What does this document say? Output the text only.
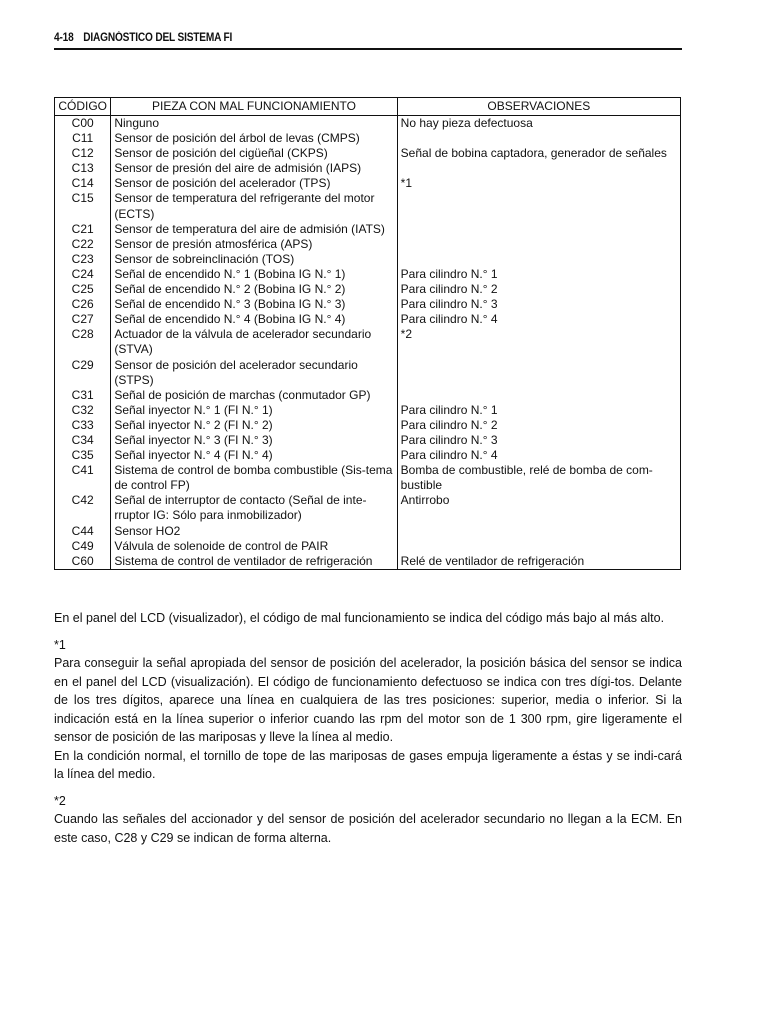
4-18 DIAGNÓSTICO DEL SISTEMA FI
CÓDIGO	PIEZA CON MAL FUNCIONAMIENTO	OBSERVACIONES
C00	Ninguno	No hay pieza defectuosa
C11	Sensor de posición del árbol de levas (CMPS)	
C12	Sensor de posición del cigüeñal (CKPS)	Señal de bobina captadora, generador de señales
C13	Sensor de presión del aire de admisión (IAPS)	
C14	Sensor de posición del acelerador (TPS)	*1
C15	Sensor de temperatura del refrigerante del motor (ECTS)	
C21	Sensor de temperatura del aire de admisión (IATS)	
C22	Sensor de presión atmosférica (APS)	
C23	Sensor de sobreinclinación (TOS)	
C24	Señal de encendido N.° 1 (Bobina IG N.° 1)	Para cilindro N.° 1
C25	Señal de encendido N.° 2 (Bobina IG N.° 2)	Para cilindro N.° 2
C26	Señal de encendido N.° 3 (Bobina IG N.° 3)	Para cilindro N.° 3
C27	Señal de encendido N.° 4 (Bobina IG N.° 4)	Para cilindro N.° 4
C28	Actuador de la válvula de acelerador secundario (STVA)	*2
C29	Sensor de posición del acelerador secundario (STPS)	
C31	Señal de posición de marchas (conmutador GP)	
C32	Señal inyector N.° 1 (FI N.° 1)	Para cilindro N.° 1
C33	Señal inyector N.° 2 (FI N.° 2)	Para cilindro N.° 2
C34	Señal inyector N.° 3 (FI N.° 3)	Para cilindro N.° 3
C35	Señal inyector N.° 4 (FI N.° 4)	Para cilindro N.° 4
C41	Sistema de control de bomba combustible (Sis-tema de control FP)	Bomba de combustible, relé de bomba de com-bustible
C42	Señal de interruptor de contacto (Señal de inte-rruptor IG: Sólo para inmobilizador)	Antirrobo
C44	Sensor HO2	
C49	Válvula de solenoide de control de PAIR	
C60	Sistema de control de ventilador de refrigeración	Relé de ventilador de refrigeración

En el panel del LCD (visualizador), el código de mal funcionamiento se indica del código más bajo al más alto.

*1

Para conseguir la señal apropiada del sensor de posición del acelerador, la posición básica del sensor se indica en el panel del LCD (visualización). El código de funcionamiento defectuoso se indica con tres dígi-tos. Delante de los tres dígitos, aparece una línea en cualquiera de las tres posiciones: superior, media o inferior. Si la indicación está en la línea superior o inferior cuando las rpm del motor son de 1 300 rpm, gire ligeramente el sensor de posición de las mariposas y lleve la línea al medio.

En la condición normal, el tornillo de tope de las mariposas de gases empuja ligeramente a éstas y se indi-cará la línea del medio.

*2

Cuando las señales del accionador y del sensor de posición del acelerador secundario no llegan a la ECM. En este caso, C28 y C29 se indican de forma alterna.
